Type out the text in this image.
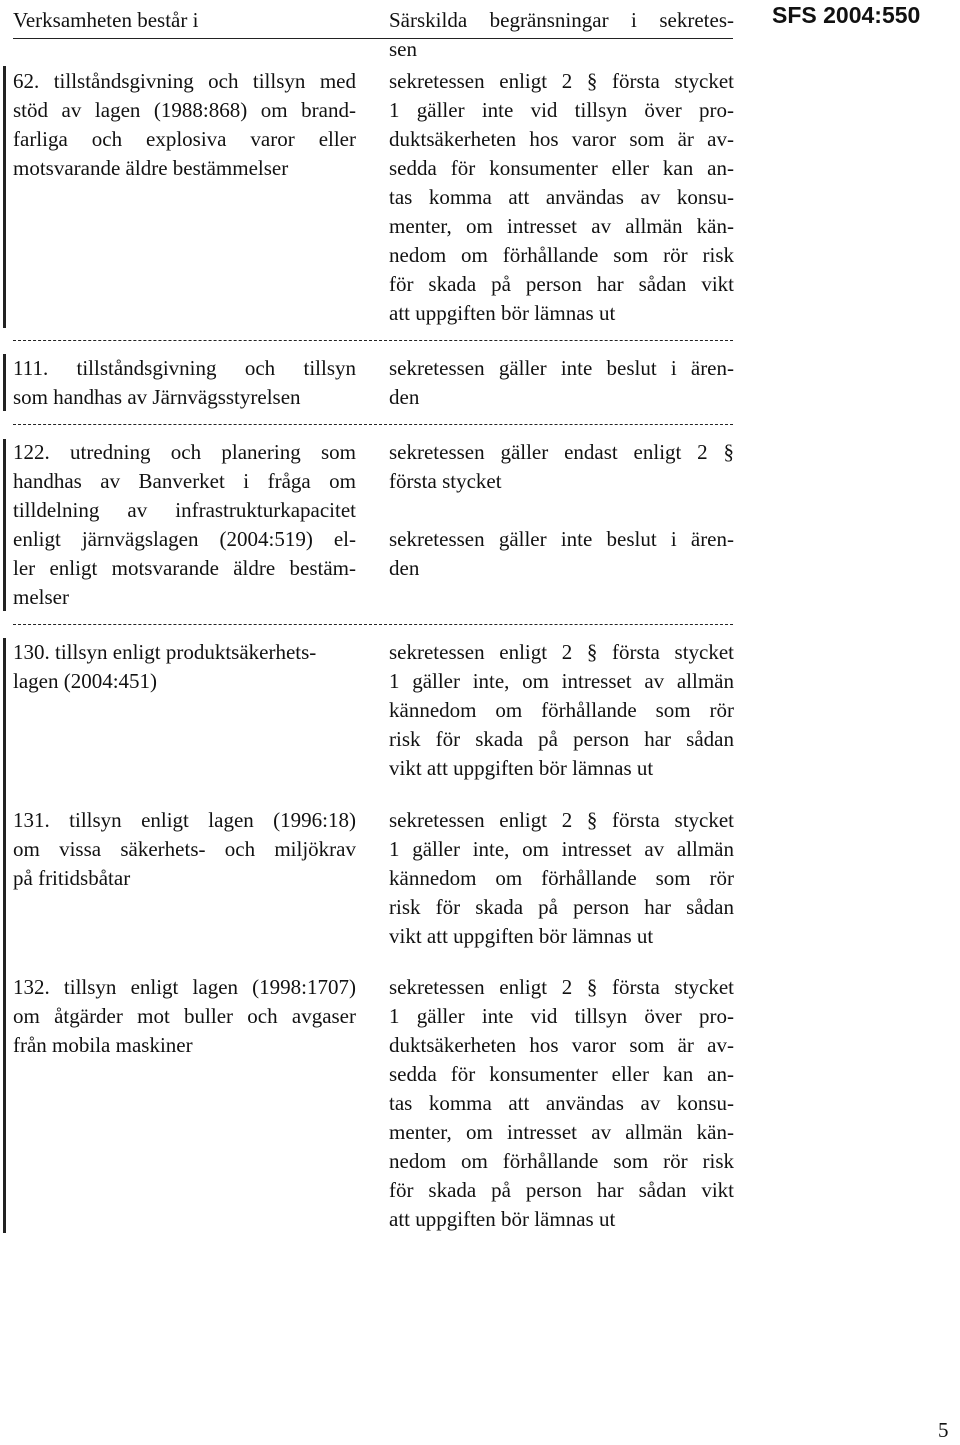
Verksamheten består i	Särskilda begränsningar i sekretes-
sen
SFS 2004:550
62. tillståndsgivning och tillsyn med
stöd av lagen (1988:868) om brand-
farliga och explosiva varor eller
motsvarande äldre bestämmelser
sekretessen enligt 2 § första stycket
1 gäller inte vid tillsyn över pro-
duktsäkerheten hos varor som är av-
sedda för konsumenter eller kan an-
tas komma att användas av konsu-
menter, om intresset av allmän kän-
nedom om förhållande som rör risk
för skada på person har sådan vikt
att uppgiften bör lämnas ut
111. tillståndsgivning och tillsyn
som handhas av Järnvägsstyrelsen
sekretessen gäller inte beslut i ären-
den
122. utredning och planering som
handhas av Banverket i fråga om
tilldelning av infrastrukturkapacitet
enligt järnvägslagen (2004:519) el-
ler enligt motsvarande äldre bestäm-
melser
sekretessen gäller endast enligt 2 §
första stycket
sekretessen gäller inte beslut i ären-
den
130. tillsyn enligt produktsäkerhets-
lagen (2004:451)
sekretessen enligt 2 § första stycket
1 gäller inte, om intresset av allmän
kännedom om förhållande som rör
risk för skada på person har sådan
vikt att uppgiften bör lämnas ut
131. tillsyn enligt lagen (1996:18)
om vissa säkerhets- och miljökrav
på fritidsbåtar
sekretessen enligt 2 § första stycket
1 gäller inte, om intresset av allmän
kännedom om förhållande som rör
risk för skada på person har sådan
vikt att uppgiften bör lämnas ut
132. tillsyn enligt lagen (1998:1707)
om åtgärder mot buller och avgaser
från mobila maskiner
sekretessen enligt 2 § första stycket
1 gäller inte vid tillsyn över pro-
duktsäkerheten hos varor som är av-
sedda för konsumenter eller kan an-
tas komma att användas av konsu-
menter, om intresset av allmän kän-
nedom om förhållande som rör risk
för skada på person har sådan vikt
att uppgiften bör lämnas ut
5
